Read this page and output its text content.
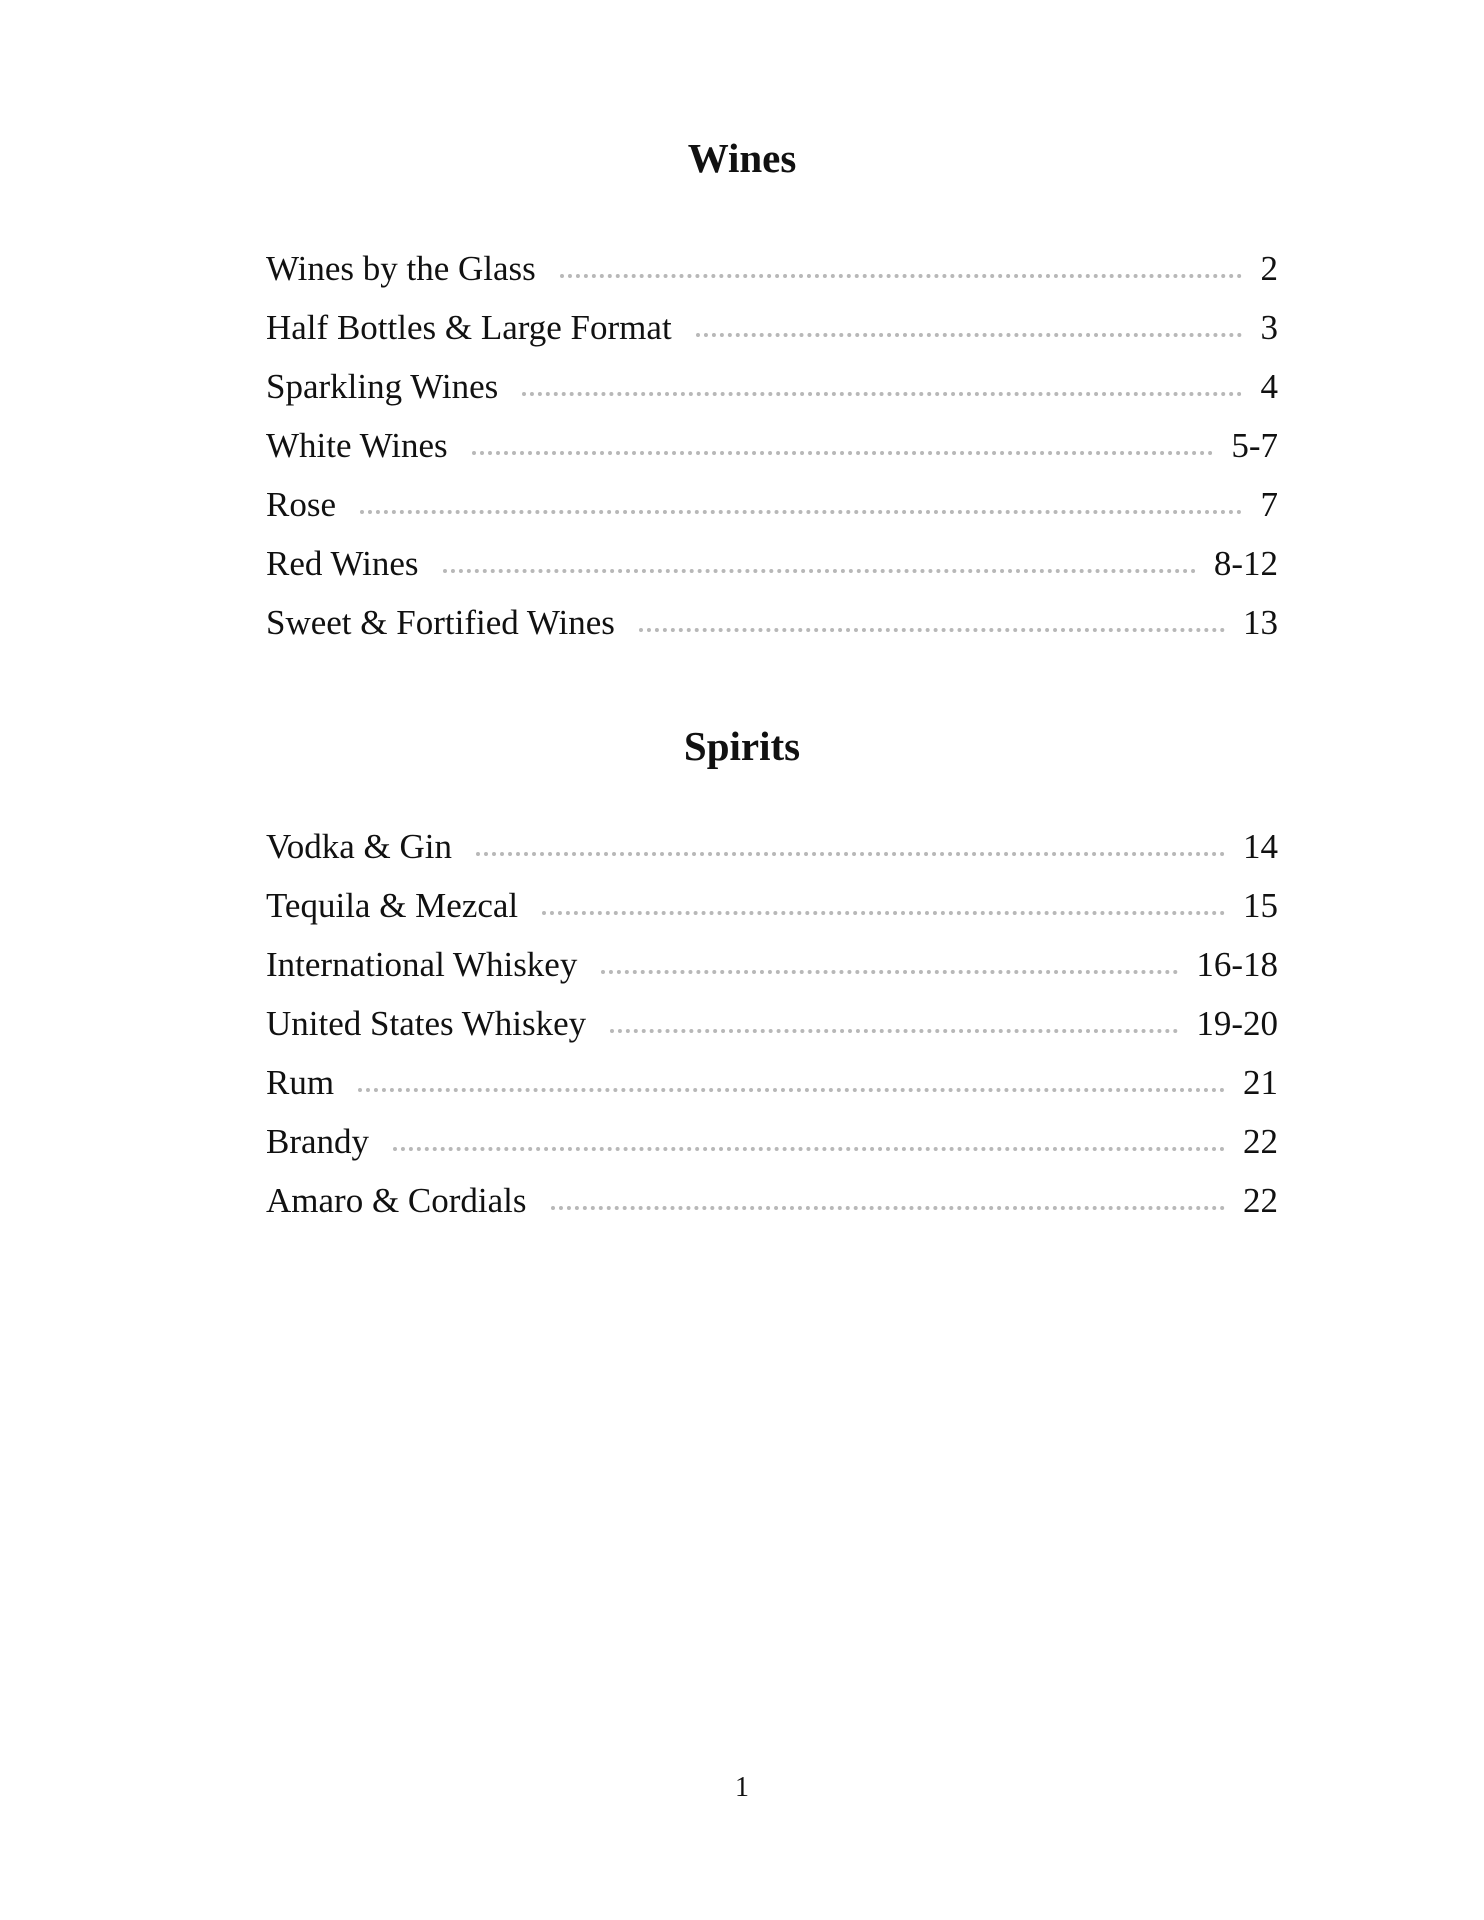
Wines
Wines by the Glass	2
Half Bottles & Large Format	3
Sparkling Wines	4
White Wines	5-7
Rose	7
Red Wines	8-12
Sweet & Fortified Wines	13
Spirits
Vodka & Gin	14
Tequila & Mezcal	15
International Whiskey	16-18
United States Whiskey	19-20
Rum	21
Brandy	22
Amaro & Cordials	22
1
